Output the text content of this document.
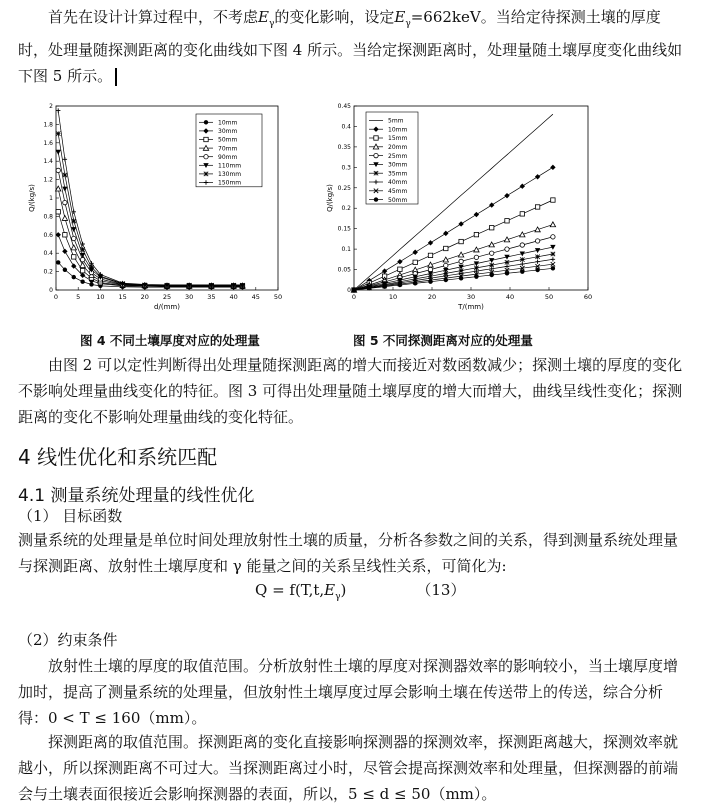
首先在设计计算过程中，不考虑$E_\gamma$的变化影响，设定$E_\gamma=662keV$。当给定待探测土壤的厚度时，处理量随探测距离的变化曲线如下图 4 所示。当给定探测距离时，处理量随土壤厚度变化曲线如下图 5 所示。

0	5 10 15 20 25 30 35 40 45 50
0
0.2
0.4
0.6
0.8
1
1.2
1.4
1.6
1.8
2
d/(mm)
Q/(kg/s)
10mm
30mm
50mm
70mm
90mm
110mm
130mm
150mm
0	10	20	30	40	50	60
0
0.05
0.1
0.15
0.2
0.25
0.3
0.35
0.4
0.45
T/(mm)
Q/(kg/s)
5mm
10mm
15mm
20mm
25mm
30mm
35mm
40mm
45mm
50mm
图 4 不同土壤厚度对应的处理量	图 5 不同探测距离对应的处理量

由图 2 可以定性判断得出处理量随探测距离的增大而接近对数函数减少；探测土壤的厚度的变化不影响处理量曲线变化的特征。图 3 可得出处理量随土壤厚度的增大而增大，曲线呈线性变化；探测距离的变化不影响处理量曲线的变化特征。

4 线性优化和系统匹配
4.1 测量系统处理量的线性优化
（1） 目标函数

测量系统的处理量是单位时间处理放射性土壤的质量，分析各参数之间的关系，得到测量系统处理量与探测距离、放射性土壤厚度和 γ 能量之间的关系呈线性关系，可简化为:

$Q = f(T,t,E_\gamma)$	（13）
（2）约束条件

放射性土壤的厚度的取值范围。分析放射性土壤的厚度对探测器效率的影响较小，当土壤厚度增加时，提高了测量系统的处理量，但放射性土壤厚度过厚会影响土壤在传送带上的传送，综合分析得：0 < T ≤ 160（mm）。

探测距离的取值范围。探测距离的变化直接影响探测器的探测效率，探测距离越大，探测效率就越小，所以探测距离不可过大。当探测距离过小时，尽管会提高探测效率和处理量，但探测器的前端会与土壤表面很接近会影响探测器的表面，所以，5 ≤ d ≤ 50（mm）。
